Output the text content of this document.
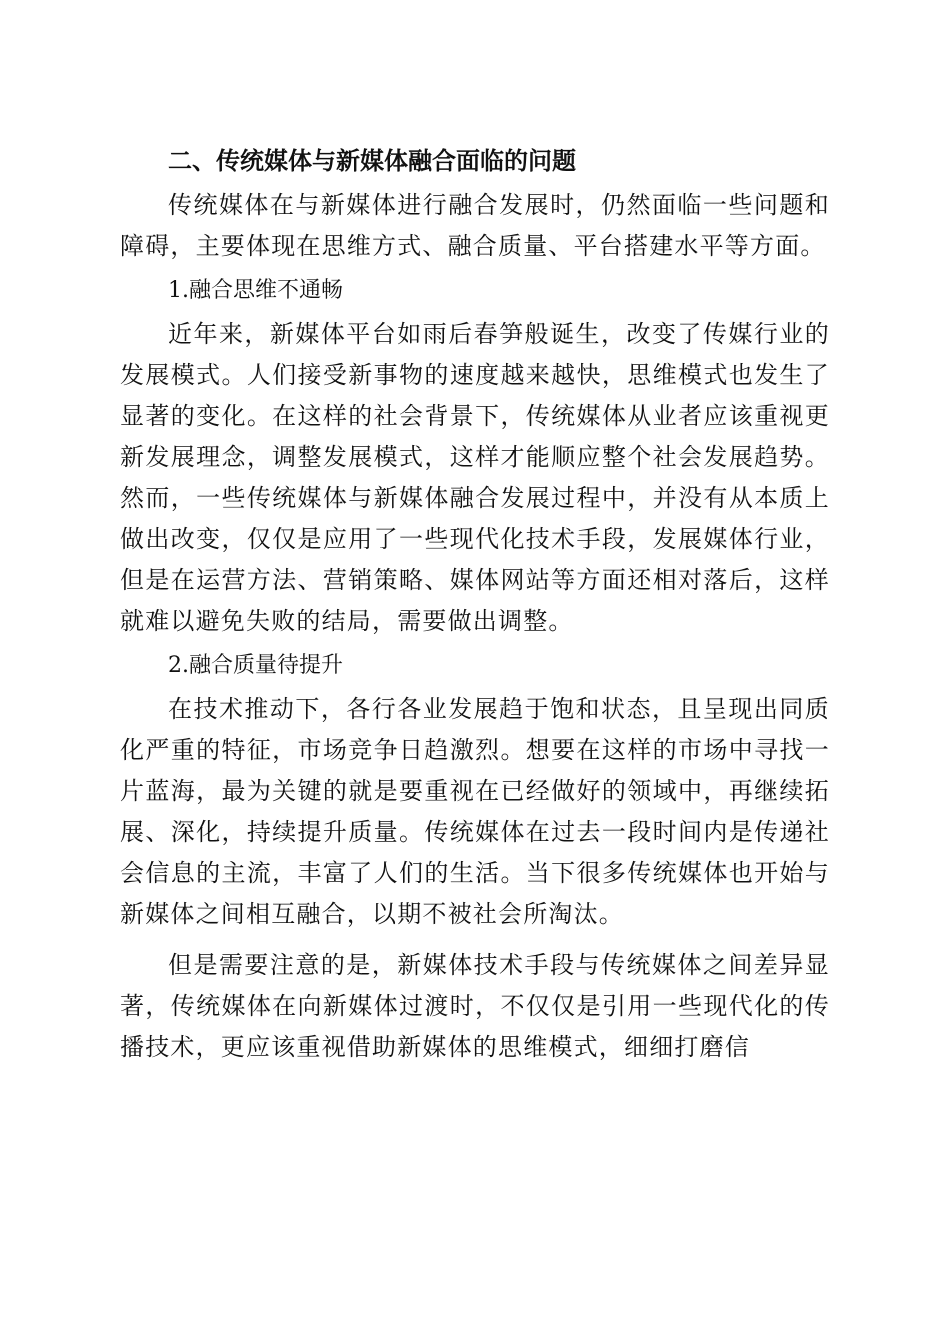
二、传统媒体与新媒体融合面临的问题

传统媒体在与新媒体进行融合发展时，仍然面临一些问题和障碍，主要体现在思维方式、融合质量、平台搭建水平等方面。

1.融合思维不通畅

近年来，新媒体平台如雨后春笋般诞生，改变了传媒行业的发展模式。人们接受新事物的速度越来越快，思维模式也发生了显著的变化。在这样的社会背景下，传统媒体从业者应该重视更新发展理念，调整发展模式，这样才能顺应整个社会发展趋势。然而，一些传统媒体与新媒体融合发展过程中，并没有从本质上做出改变，仅仅是应用了一些现代化技术手段，发展媒体行业，但是在运营方法、营销策略、媒体网站等方面还相对落后，这样就难以避免失败的结局，需要做出调整。

2.融合质量待提升

在技术推动下，各行各业发展趋于饱和状态，且呈现出同质化严重的特征，市场竞争日趋激烈。想要在这样的市场中寻找一片蓝海，最为关键的就是要重视在已经做好的领域中，再继续拓展、深化，持续提升质量。传统媒体在过去一段时间内是传递社会信息的主流，丰富了人们的生活。当下很多传统媒体也开始与新媒体之间相互融合，以期不被社会所淘汰。

但是需要注意的是，新媒体技术手段与传统媒体之间差异显著，传统媒体在向新媒体过渡时，不仅仅是引用一些现代化的传播技术，更应该重视借助新媒体的思维模式，细细打磨信
